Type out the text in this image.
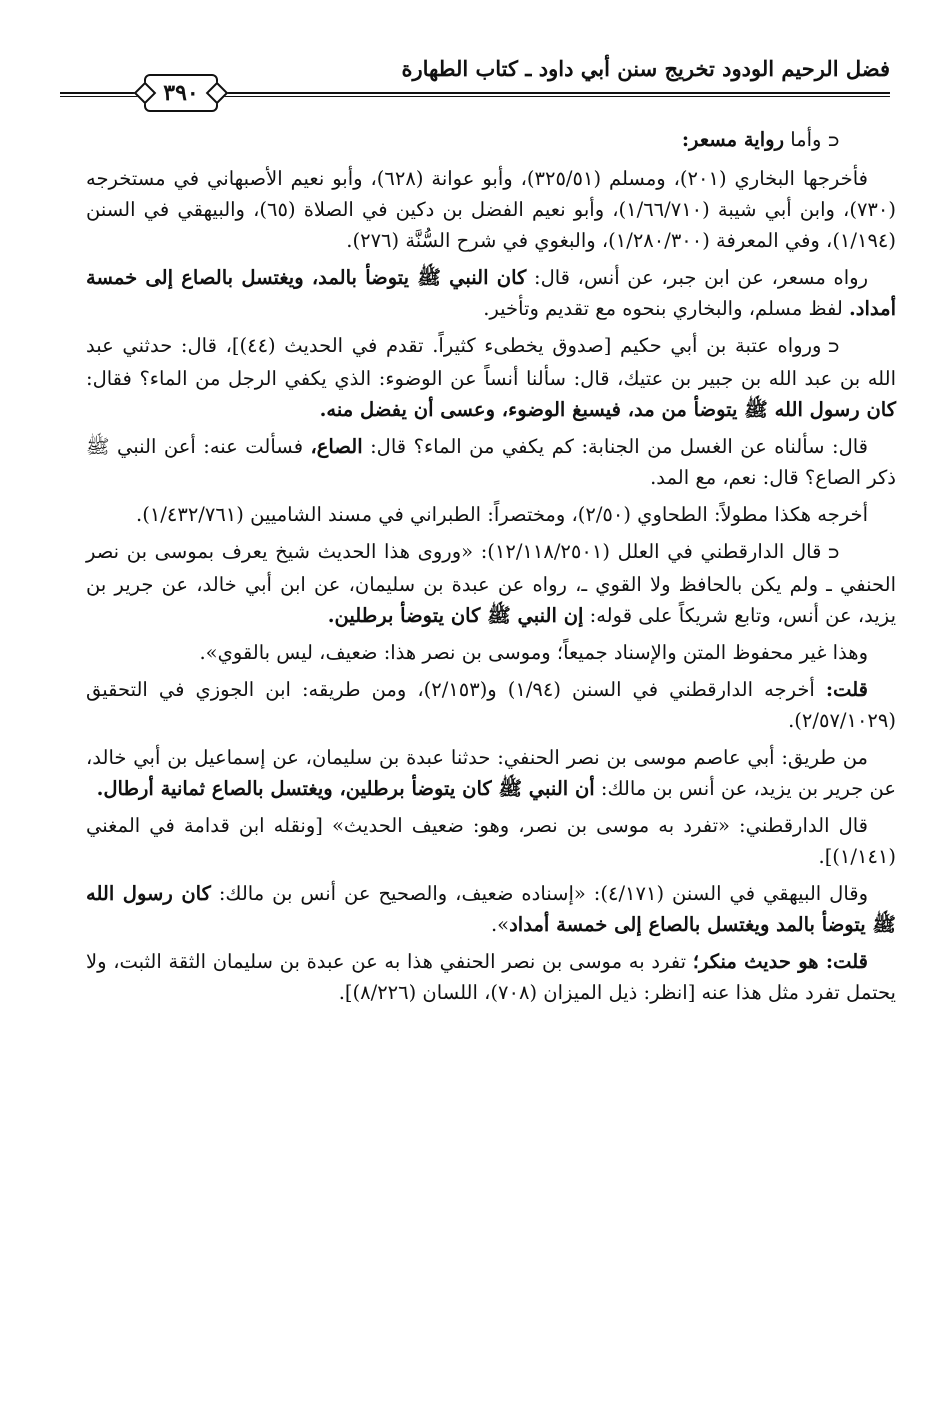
فضل الرحيم الودود تخريج سنن أبي داود ـ كتاب الطهارة
٣٩٠

⊂وأما رواية مسعر:

فأخرجها البخاري (٢٠١)، ومسلم (٣٢٥/٥١)، وأبو عوانة (٦٢٨)، وأبو نعيم الأصبهاني في مستخرجه (٧٣٠)، وابن أبي شيبة (١/٦٦/٧١٠)، وأبو نعيم الفضل بن دكين في الصلاة (٦٥)، والبيهقي في السنن (١/١٩٤)، وفي المعرفة (١/٢٨٠/٣٠٠)، والبغوي في شرح السُّنَّة (٢٧٦).

رواه مسعر، عن ابن جبر، عن أنس، قال: كان النبي ﷺ يتوضأ بالمد، ويغتسل بالصاع إلى خمسة أمداد. لفظ مسلم، والبخاري بنحوه مع تقديم وتأخير.

⊂ورواه عتبة بن أبي حكيم [صدوق يخطىء كثيراً. تقدم في الحديث (٤٤)]، قال: حدثني عبد الله بن عبد الله بن جبير بن عتيك، قال: سألنا أنساً عن الوضوء: الذي يكفي الرجل من الماء؟ فقال: كان رسول الله ﷺ يتوضأ من مد، فيسبغ الوضوء، وعسى أن يفضل منه.

قال: سألناه عن الغسل من الجنابة: كم يكفي من الماء؟ قال: الصاع، فسألت عنه: أعن النبي ﷺ ذكر الصاع؟ قال: نعم، مع المد.

أخرجه هكذا مطولاً: الطحاوي (٢/٥٠)، ومختصراً: الطبراني في مسند الشاميين (١/٤٣٢/٧٦١).

⊂قال الدارقطني في العلل (١٢/١١٨/٢٥٠١): «وروى هذا الحديث شيخ يعرف بموسى بن نصر الحنفي ـ ولم يكن بالحافظ ولا القوي ـ، رواه عن عبدة بن سليمان، عن ابن أبي خالد، عن جرير بن يزيد، عن أنس، وتابع شريكاً على قوله: إن النبي ﷺ كان يتوضأ برطلين.

وهذا غير محفوظ المتن والإسناد جميعاً؛ وموسى بن نصر هذا: ضعيف، ليس بالقوي».

قلت: أخرجه الدارقطني في السنن (١/٩٤) و(٢/١٥٣)، ومن طريقه: ابن الجوزي في التحقيق (٢/٥٧/١٠٢٩).

من طريق: أبي عاصم موسى بن نصر الحنفي: حدثنا عبدة بن سليمان، عن إسماعيل بن أبي خالد، عن جرير بن يزيد، عن أنس بن مالك: أن النبي ﷺ كان يتوضأ برطلين، ويغتسل بالصاع ثمانية أرطال.

قال الدارقطني: «تفرد به موسى بن نصر، وهو: ضعيف الحديث» [ونقله ابن قدامة في المغني (١/١٤١)].

وقال البيهقي في السنن (٤/١٧١): «إسناده ضعيف، والصحيح عن أنس بن مالك: كان رسول الله ﷺ يتوضأ بالمد ويغتسل بالصاع إلى خمسة أمداد».

قلت: هو حديث منكر؛ تفرد به موسى بن نصر الحنفي هذا به عن عبدة بن سليمان الثقة الثبت، ولا يحتمل تفرد مثل هذا عنه [انظر: ذيل الميزان (٧٠٨)، اللسان (٨/٢٢٦)].
